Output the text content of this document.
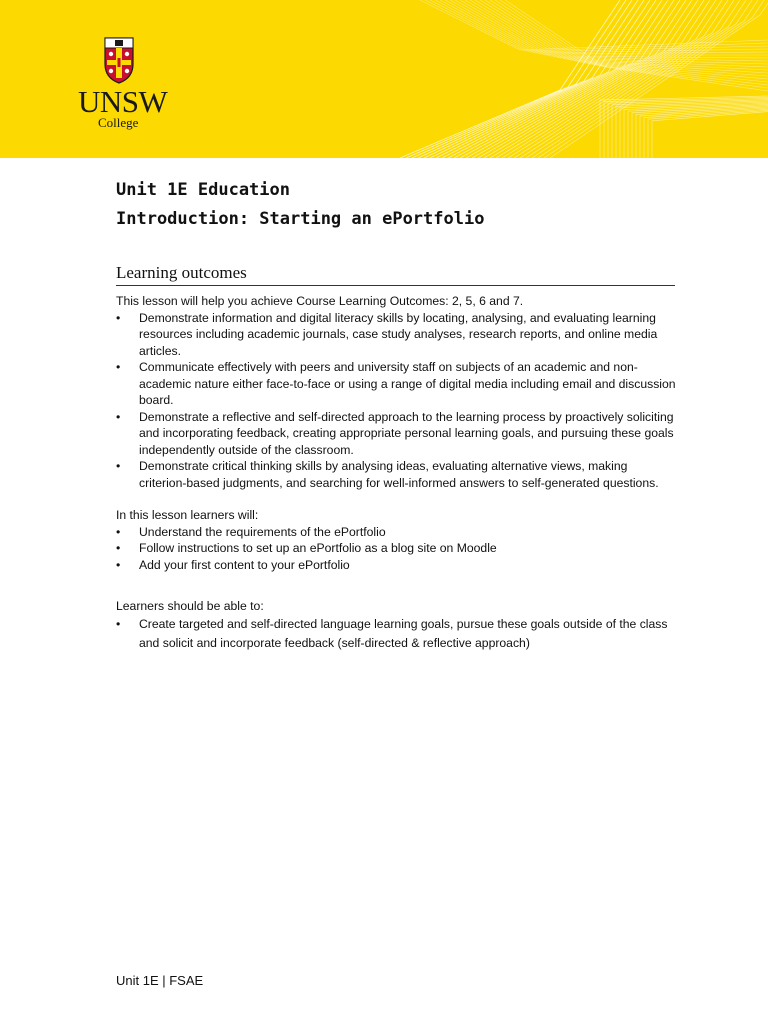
UNSW
College
Unit 1E Education
Introduction: Starting an ePortfolio
Learning outcomes

This lesson will help you achieve Course Learning Outcomes: 2, 5, 6 and 7.

• Demonstrate information and digital literacy skills by locating, analysing, and evaluating learning resources including academic journals, case study analyses, research reports, and online media articles.
• Communicate effectively with peers and university staff on subjects of an academic and non-academic nature either face-to-face or using a range of digital media including email and discussion board.
• Demonstrate a reflective and self-directed approach to the learning process by proactively soliciting and incorporating feedback, creating appropriate personal learning goals, and pursuing these goals independently outside of the classroom.
• Demonstrate critical thinking skills by analysing ideas, evaluating alternative views, making criterion-based judgments, and searching for well-informed answers to self-generated questions.

In this lesson learners will:

• Understand the requirements of the ePortfolio
• Follow instructions to set up an ePortfolio as a blog site on Moodle
• Add your first content to your ePortfolio

Learners should be able to:

• Create targeted and self-directed language learning goals, pursue these goals outside of the class and solicit and incorporate feedback (self-directed & reflective approach)
Unit 1E | FSAE
